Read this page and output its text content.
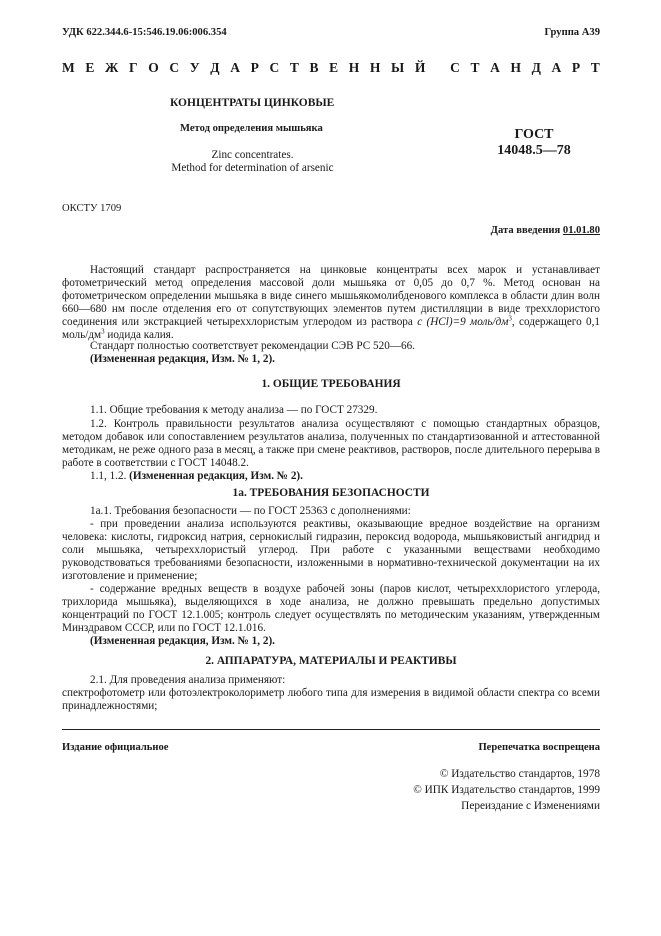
УДК 622.344.6-15:546.19.06:006.354	Группа А39
М Е Ж Г О С У Д А Р С Т В Е Н Н Ы Й
С Т А Н Д А Р Т
КОНЦЕНТРАТЫ ЦИНКОВЫЕ
Метод определения мышьяка
Zinc concentrates.
Method for determination of arsenic
ГОСТ
14048.5—78
ОКСТУ 1709
Дата введения 01.01.80
Настоящий стандарт распространяется на цинковые концентраты всех марок и устанавливает фотометрический метод определения массовой доли мышьяка от 0,05 до 0,7 %. Метод основан на фотометрическом определении мышьяка в виде синего мышьякомолибденового комплекса в области длин волн 660—680 нм после отделения его от сопутствующих элементов путем дистилляции в виде треххлористого соединения или экстракцией четыреххлористым углеродом из раствора c (HCl)=9 моль/$дм^3$, содержащего 0,1 моль/$дм^3$ иодида калия.
Стандарт полностью соответствует рекомендации СЭВ РС 520—66.
(Измененная редакция, Изм. № 1, 2).
1. ОБЩИЕ ТРЕБОВАНИЯ
1.1. Общие требования к методу анализа — по ГОСТ 27329.
1.2. Контроль правильности результатов анализа осуществляют с помощью стандартных образцов, методом добавок или сопоставлением результатов анализа, полученных по стандартизованной и аттестованной методикам, не реже одного раза в месяц, а также при смене реактивов, растворов, после длительного перерыва в работе в соответствии с ГОСТ 14048.2.
1.1, 1.2. (Измененная редакция, Изм. № 2).
1а. ТРЕБОВАНИЯ БЕЗОПАСНОСТИ
1а.1. Требования безопасности — по ГОСТ 25363 с дополнениями:
- при проведении анализа используются реактивы, оказывающие вредное воздействие на организм человека: кислоты, гидроксид натрия, сернокислый гидразин, пероксид водорода, мышьяковистый ангидрид и соли мышьяка, четыреххлористый углерод. При работе с указанными веществами необходимо руководствоваться требованиями безопасности, изложенными в нормативно-технической документации на их изготовление и применение;
- содержание вредных веществ в воздухе рабочей зоны (паров кислот, четыреххлористого углерода, трихлорида мышьяка), выделяющихся в ходе анализа, не должно превышать предельно допустимых концентраций по ГОСТ 12.1.005; контроль следует осуществлять по методическим указаниям, утвержденным Минздравом СССР, или по ГОСТ 12.1.016.
(Измененная редакция, Изм. № 1, 2).
2. АППАРАТУРА, МАТЕРИАЛЫ И РЕАКТИВЫ
2.1. Для проведения анализа применяют:
спектрофотометр или фотоэлектроколориметр любого типа для измерения в видимой области спектра со всеми принадлежностями;
Издание официальное	Перепечатка воспрещена
© Издательство стандартов, 1978
© ИПК Издательство стандартов, 1999
Переиздание с Изменениями
